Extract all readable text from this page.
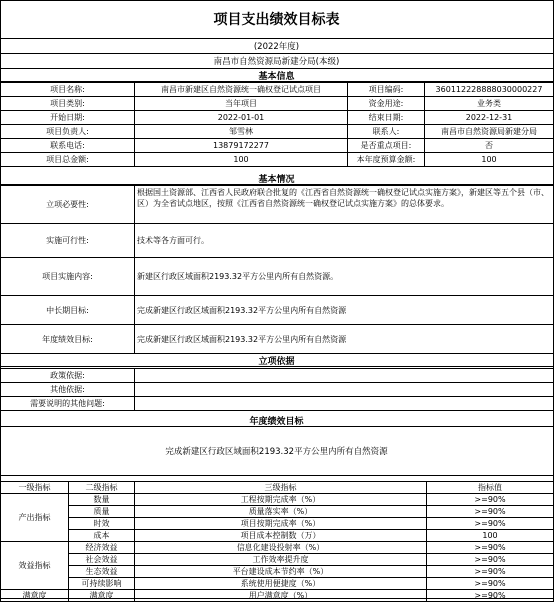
项目支出绩效目标表
(2022年度)
南昌市自然资源局新建分局(本级)
基本信息
项目名称:	南昌市新建区自然资源统一确权登记试点项目	项目编码:	360112228888030000227
项目类别:	当年项目	资金用途:	业务类
开始日期:	2022-01-01	结束日期:	2022-12-31
项目负责人:	邹雪林	联系人:	南昌市自然资源局新建分局
联系电话:	13879172277	是否重点项目:	否
项目总金额:	100	本年度预算金额:	100
基本情况
立项必要性:	根据国土资源部、江西省人民政府联合批复的《江西省自然资源统一确权登记试点实施方案》，新建区等五个县（市、区）为全省试点地区，按照《江西省自然资源统一确权登记试点实施方案》的总体要求。
实施可行性:	技术等各方面可行。
项目实施内容:	新建区行政区域面积2193.32平方公里内所有自然资源。
中长期目标:	完成新建区行政区域面积2193.32平方公里内所有自然资源
年度绩效目标:	完成新建区行政区域面积2193.32平方公里内所有自然资源
立项依据
政策依据:	
其他依据:	
需要说明的其他问题:	
年度绩效目标
完成新建区行政区域面积2193.32平方公里内所有自然资源
一级指标	二级指标	三级指标	指标值
产出指标	数量	工程按期完成率（%）	>=90%
	质量	质量落实率（%）	>=90%
	时效	项目按期完成率（%）	>=90%
	成本	项目成本控制数（万）	100
效益指标	经济效益	信息化建设投射率（%）	>=90%
	社会效益	工作效率提升度	>=90%
	生态效益	平台建设成本节约率（%）	>=90%
	可持续影响	系统使用便捷度（%）	>=90%
满意度	满意度	用户满意度（%）	>=90%
